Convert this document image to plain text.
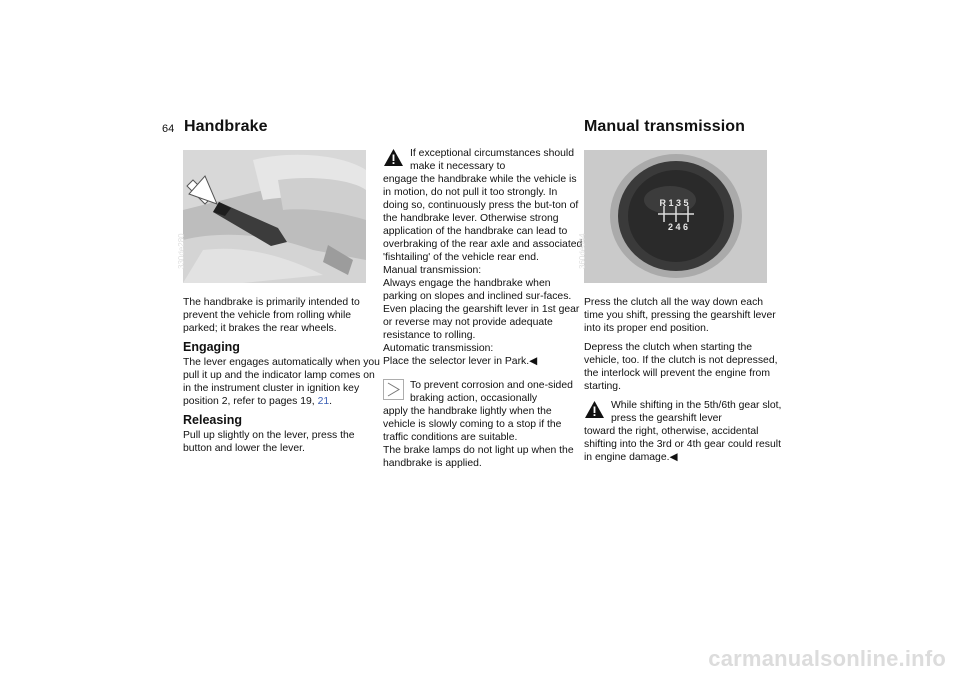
64 Handbrake
330de280

The handbrake is primarily intended to prevent the vehicle from rolling while parked; it brakes the rear wheels.

Engaging

The lever engages automatically when you pull it up and the indicator lamp comes on in the instrument cluster in ignition key position 2, refer to pages 19, 21.

Releasing

Pull up slightly on the lever, press the button and lower the lever.

If exceptional circumstances should make it necessary to
engage the handbrake while the vehicle is in motion, do not pull it too strongly. In doing so, continuously press the but-ton of the handbrake lever. Otherwise strong application of the handbrake can lead to overbraking of the rear axle and associated 'fishtailing' of the vehicle rear end.
Manual transmission:
Always engage the handbrake when parking on slopes and inclined sur-faces. Even placing the gearshift lever in 1st gear or reverse may not provide adequate resistance to rolling.
Automatic transmission:
Place the selector lever in Park.◀
To prevent corrosion and one-sided braking action, occasionally
apply the handbrake lightly when the vehicle is slowly coming to a stop if the traffic conditions are suitable.
The brake lamps do not light up when the handbrake is applied.
Manual transmission
R 1 3 5
2 4 6
360de044

Press the clutch all the way down each time you shift, pressing the gearshift lever into its proper end position.

Depress the clutch when starting the vehicle, too. If the clutch is not depressed, the interlock will prevent the engine from starting.

While shifting in the 5th/6th gear slot, press the gearshift lever
toward the right, otherwise, accidental shifting into the 3rd or 4th gear could result in engine damage.◀
carmanualsonline.info
